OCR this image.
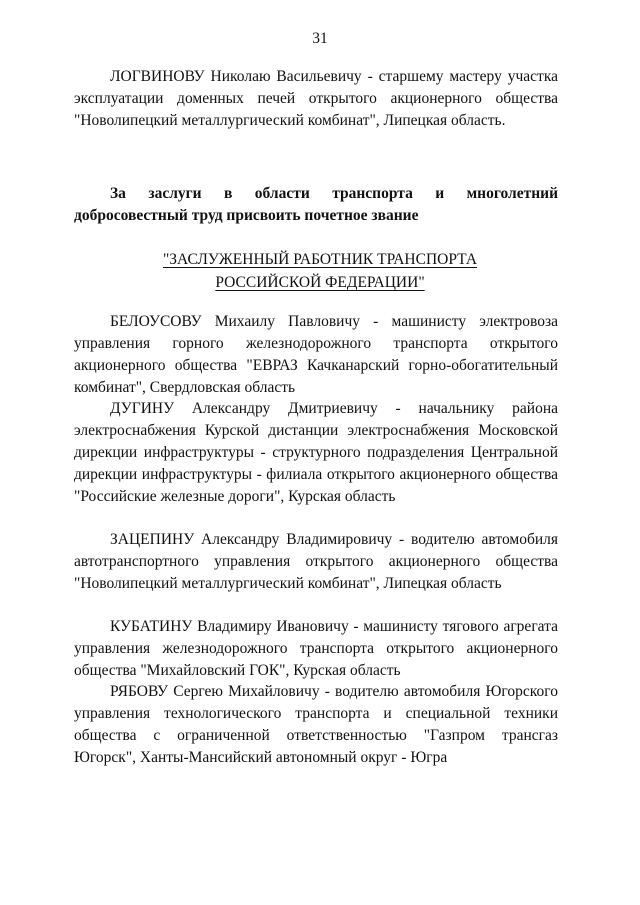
31

ЛОГВИНОВУ Николаю Васильевичу - старшему мастеру участка эксплуатации доменных печей открытого акционерного общества "Новолипецкий металлургический комбинат", Липецкая область.

За заслуги в области транспорта и многолетний добросовестный труд присвоить почетное звание

"ЗАСЛУЖЕННЫЙ РАБОТНИК ТРАНСПОРТА
РОССИЙСКОЙ ФЕДЕРАЦИИ"

БЕЛОУСОВУ Михаилу Павловичу - машинисту электровоза управления горного железнодорожного транспорта открытого акционерного общества "ЕВРАЗ Качканарский горно-обогатительный комбинат", Свердловская область

ДУГИНУ Александру Дмитриевичу - начальнику района электроснабжения Курской дистанции электроснабжения Московской дирекции инфраструктуры - структурного подразделения Центральной дирекции инфраструктуры - филиала открытого акционерного общества "Российские железные дороги", Курская область

ЗАЦЕПИНУ Александру Владимировичу - водителю автомобиля автотранспортного управления открытого акционерного общества "Новолипецкий металлургический комбинат", Липецкая область

КУБАТИНУ Владимиру Ивановичу - машинисту тягового агрегата управления железнодорожного транспорта открытого акционерного общества "Михайловский ГОК", Курская область

РЯБОВУ Сергею Михайловичу - водителю автомобиля Югорского управления технологического транспорта и специальной техники общества с ограниченной ответственностью "Газпром трансгаз Югорск", Ханты-Мансийский автономный округ - Югра
